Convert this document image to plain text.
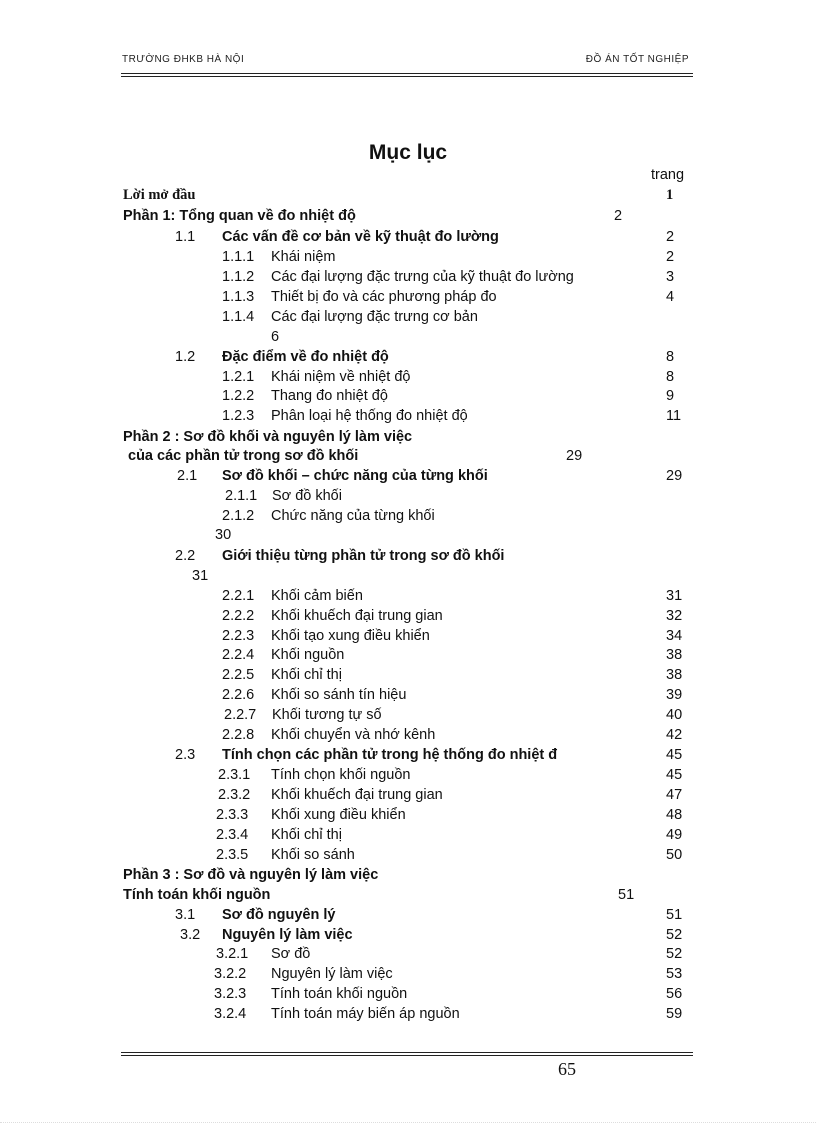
TRƯỜNG ĐHKB HÀ NỘI	ĐỒ ÁN TỐT NGHIỆP
Mục lục
trang
Lời mở đầu	1
Phần 1: Tổng quan về đo nhiệt độ	2
1.1 Các vấn đề cơ bản về kỹ thuật đo lường	2
1.1.1 Khái niệm	2
1.1.2 Các đại lượng đặc trưng của kỹ thuật đo lường	3
1.1.3 Thiết bị đo và các phương pháp đo	4
1.1.4 Các đại lượng đặc trưng cơ bản
6
1.2 Đặc điểm về đo nhiệt độ	8
1.2.1 Khái niệm về nhiệt độ	8
1.2.2 Thang đo nhiệt độ	9
1.2.3 Phân loại hệ thống đo nhiệt độ	11
Phần 2 : Sơ đồ khối và nguyên lý làm việc
của các phần tử trong sơ đồ khối	29
2.1 Sơ đồ khối – chức năng của từng khối	29
2.1.1 Sơ đồ khối
2.1.2 Chức năng của từng khối
30
2.2 Giới thiệu từng phần tử trong sơ đồ khối
31
2.2.1 Khối cảm biến	31
2.2.2 Khối khuếch đại trung gian	32
2.2.3 Khối tạo xung điều khiển	34
2.2.4 Khối nguồn	38
2.2.5 Khối chỉ thị	38
2.2.6 Khối so sánh tín hiệu	39
2.2.7 Khối tương tự số	40
2.2.8 Khối chuyển và nhớ kênh	42
2.3 Tính chọn các phần tử trong hệ thống đo nhiệt đ	45
2.3.1 Tính chọn khối nguồn	45
2.3.2 Khối khuếch đại trung gian	47
2.3.3 Khối xung điều khiển	48
2.3.4 Khối chỉ thị	49
2.3.5 Khối so sánh	50
Phần 3 : Sơ đồ và nguyên lý làm việc
Tính toán khối nguồn	51
3.1 Sơ đồ nguyên lý	51
3.2 Nguyên lý làm việc	52
3.2.1 Sơ đồ	52
3.2.2 Nguyên lý làm việc	53
3.2.3 Tính toán khối nguồn	56
3.2.4 Tính toán máy biến áp nguồn	59
65
